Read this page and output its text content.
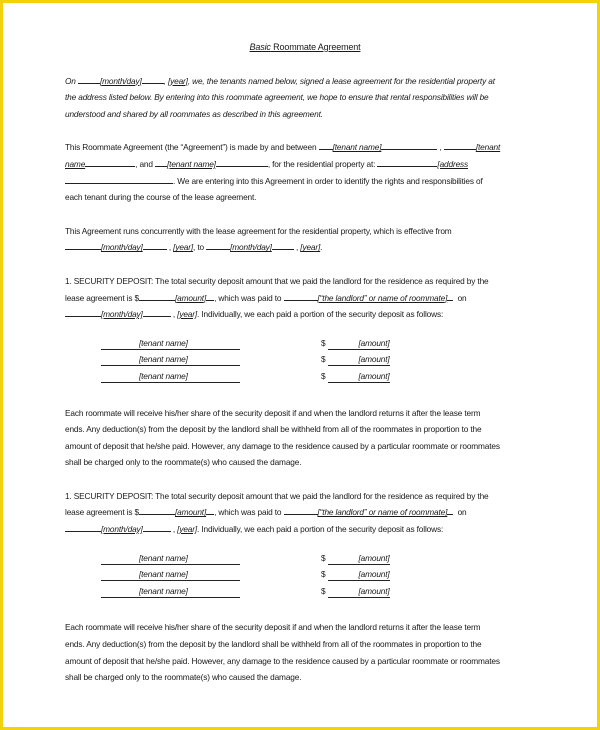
Basic Roommate Agreement
On	[month/day]	, [year], we, the tenants named below, signed a lease agreement for the residential property at
the address listed below. By entering into this roommate agreement, we hope to ensure that rental responsibilities will be
understood and shared by all roommates as described in this agreement.
This Roommate Agreement (the “Agreement”) is made by and between [tenant name]	,	[tenant
name	, and [tenant name]	, for the residential property at:	[address
. We are entering into this Agreement in order to identify the rights and responsibilities of
each tenant during the course of the lease agreement.
This Agreement runs concurrently with the lease agreement for the residential property, which is effective from
[month/day]	, [year], to	[month/day]	, [year].
1. SECURITY DEPOSIT: The total security deposit amount that we paid the landlord for the residence as required by the
lease agreement is $	[amount] , which was paid to	[“the landlord” or name of roommate] on
[month/day]	, [year]. Individually, we each paid a portion of the security deposit as follows:
[tenant name]	$	[amount]
[tenant name]	$	[amount]
[tenant name]	$	[amount]
Each roommate will receive his/her share of the security deposit if and when the landlord returns it after the lease term
ends. Any deduction(s) from the deposit by the landlord shall be withheld from all of the roommates in proportion to the
amount of deposit that he/she paid. However, any damage to the residence caused by a particular roommate or roommates
shall be charged only to the roommate(s) who caused the damage.
1. SECURITY DEPOSIT: The total security deposit amount that we paid the landlord for the residence as required by the
lease agreement is $	[amount] , which was paid to	[“the landlord” or name of roommate] on
[month/day]	, [year]. Individually, we each paid a portion of the security deposit as follows:
[tenant name]	$	[amount]
[tenant name]	$	[amount]
[tenant name]	$	[amount]
Each roommate will receive his/her share of the security deposit if and when the landlord returns it after the lease term
ends. Any deduction(s) from the deposit by the landlord shall be withheld from all of the roommates in proportion to the
amount of deposit that he/she paid. However, any damage to the residence caused by a particular roommate or roommates
shall be charged only to the roommate(s) who caused the damage.
